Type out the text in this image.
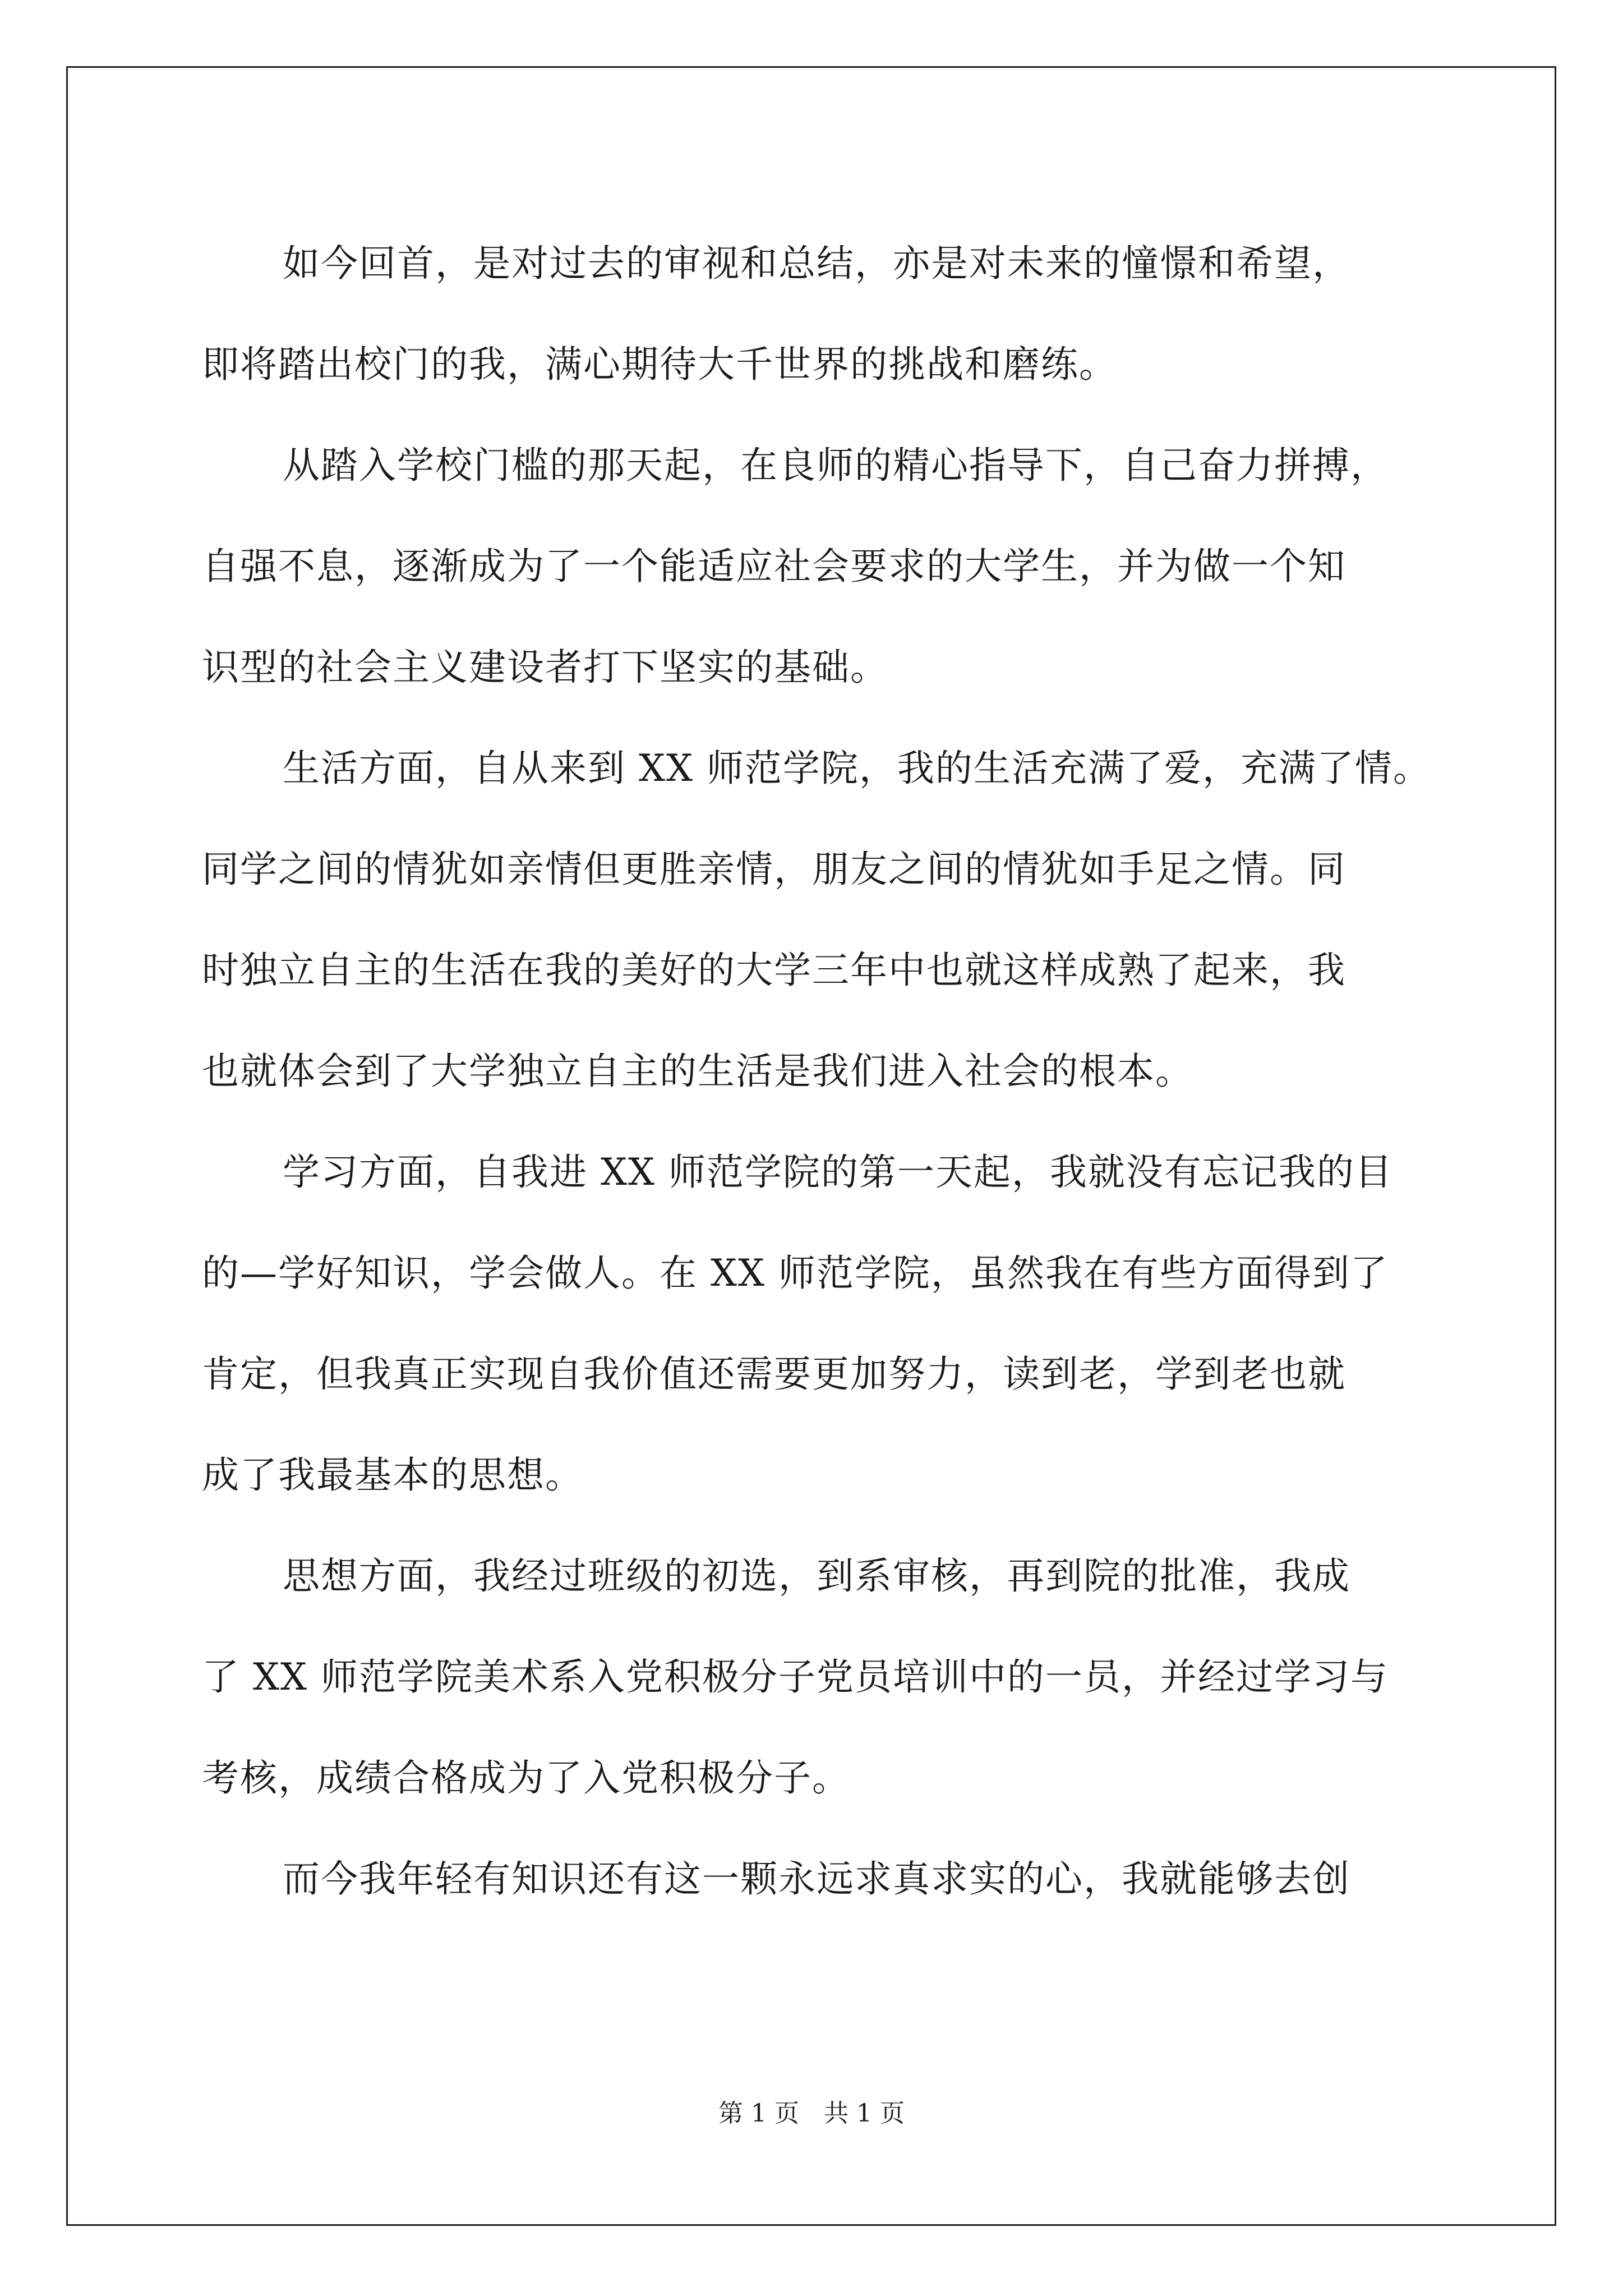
如今回首，是对过去的审视和总结，亦是对未来的憧憬和希望，
即将踏出校门的我，满心期待大千世界的挑战和磨练。
从踏入学校门槛的那天起，在良师的精心指导下，自己奋力拼搏，
自强不息，逐渐成为了一个能适应社会要求的大学生，并为做一个知
识型的社会主义建设者打下坚实的基础。
生活方面，自从来到 XX 师范学院，我的生活充满了爱，充满了情。
同学之间的情犹如亲情但更胜亲情，朋友之间的情犹如手足之情。同
时独立自主的生活在我的美好的大学三年中也就这样成熟了起来，我
也就体会到了大学独立自主的生活是我们进入社会的根本。
学习方面，自我进 XX 师范学院的第一天起，我就没有忘记我的目
的—学好知识，学会做人。在 XX 师范学院，虽然我在有些方面得到了
肯定，但我真正实现自我价值还需要更加努力，读到老，学到老也就
成了我最基本的思想。
思想方面，我经过班级的初选，到系审核，再到院的批准，我成
了 XX 师范学院美术系入党积极分子党员培训中的一员，并经过学习与
考核，成绩合格成为了入党积极分子。
而今我年轻有知识还有这一颗永远求真求实的心，我就能够去创
第 1 页　共 1 页
